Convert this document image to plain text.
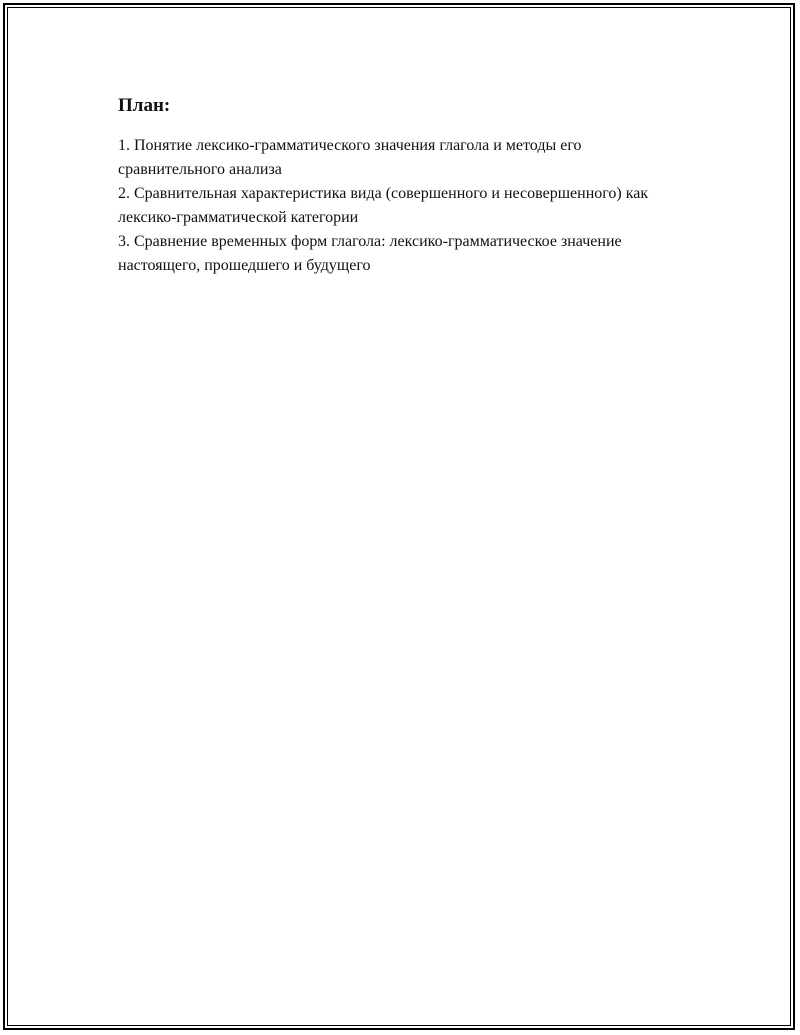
План:
1. Понятие лексико-грамматического значения глагола и методы его сравнительного анализа
2. Сравнительная характеристика вида (совершенного и несовершенного) как лексико-грамматической категории
3. Сравнение временных форм глагола: лексико-грамматическое значение настоящего, прошедшего и будущего
